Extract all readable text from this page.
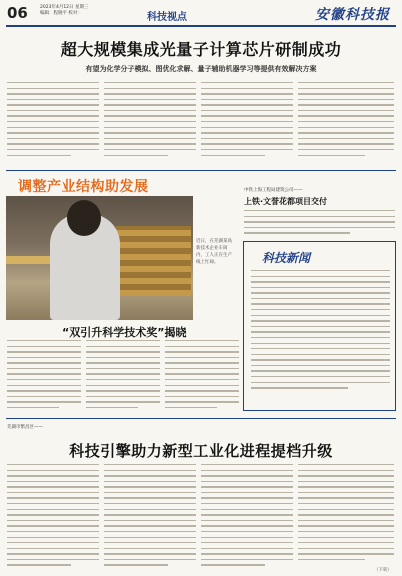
06	2023年4月12日 星期三
编辑：程晓平 校对：	科技视点	安徽科技报
超大规模集成光量子计算芯片研制成功
有望为化学分子模拟、图优化求解、量子辅助机器学习等提供有效解决方案
调整产业结构助发展
近日，在芜湖某高新技术企业车间内，工人正在生产线上忙碌。
中铁上海工程局建筑公司——
上铁·文誉花都项目交付
科技新闻
“双引升科学技术奖”揭晓
芜湖市繁昌区——
科技引擎助力新型工业化进程提档升级
（下转）
